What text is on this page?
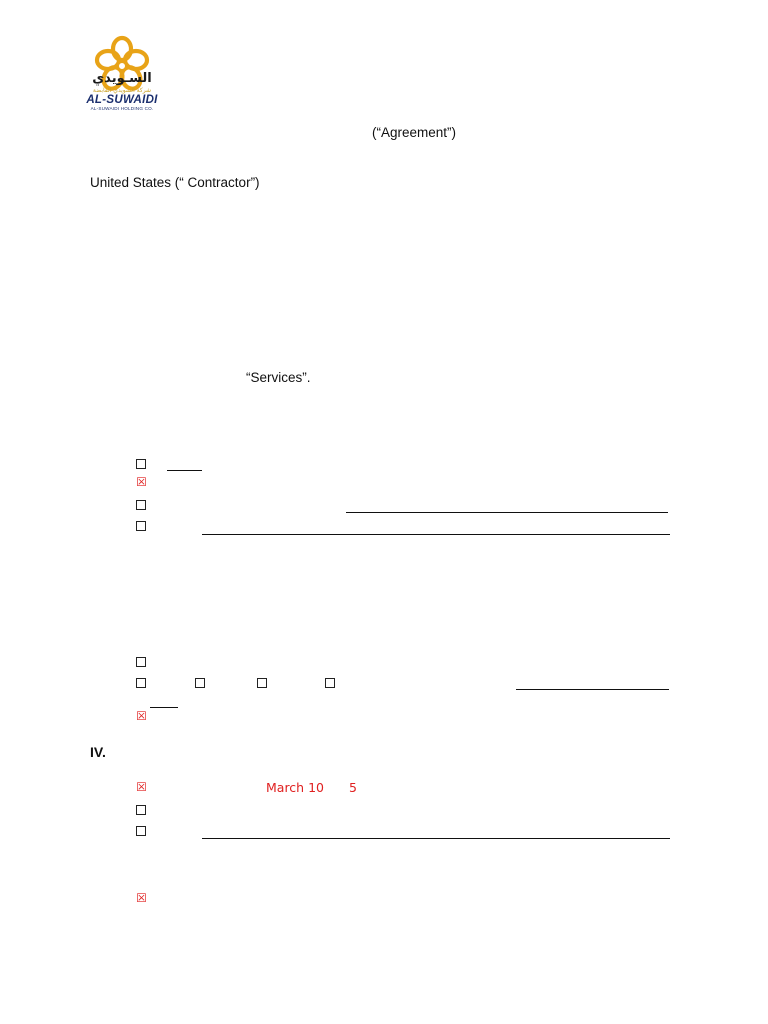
السـويدي
شركة السويدي القابضة
AL-SUWAIDI
AL-SUWAIDI HOLDING CO.
(“Agreement”)
United States (“ Contractor”)
“Services”.
☒
☒
IV.
☒	March 10 5
☒
